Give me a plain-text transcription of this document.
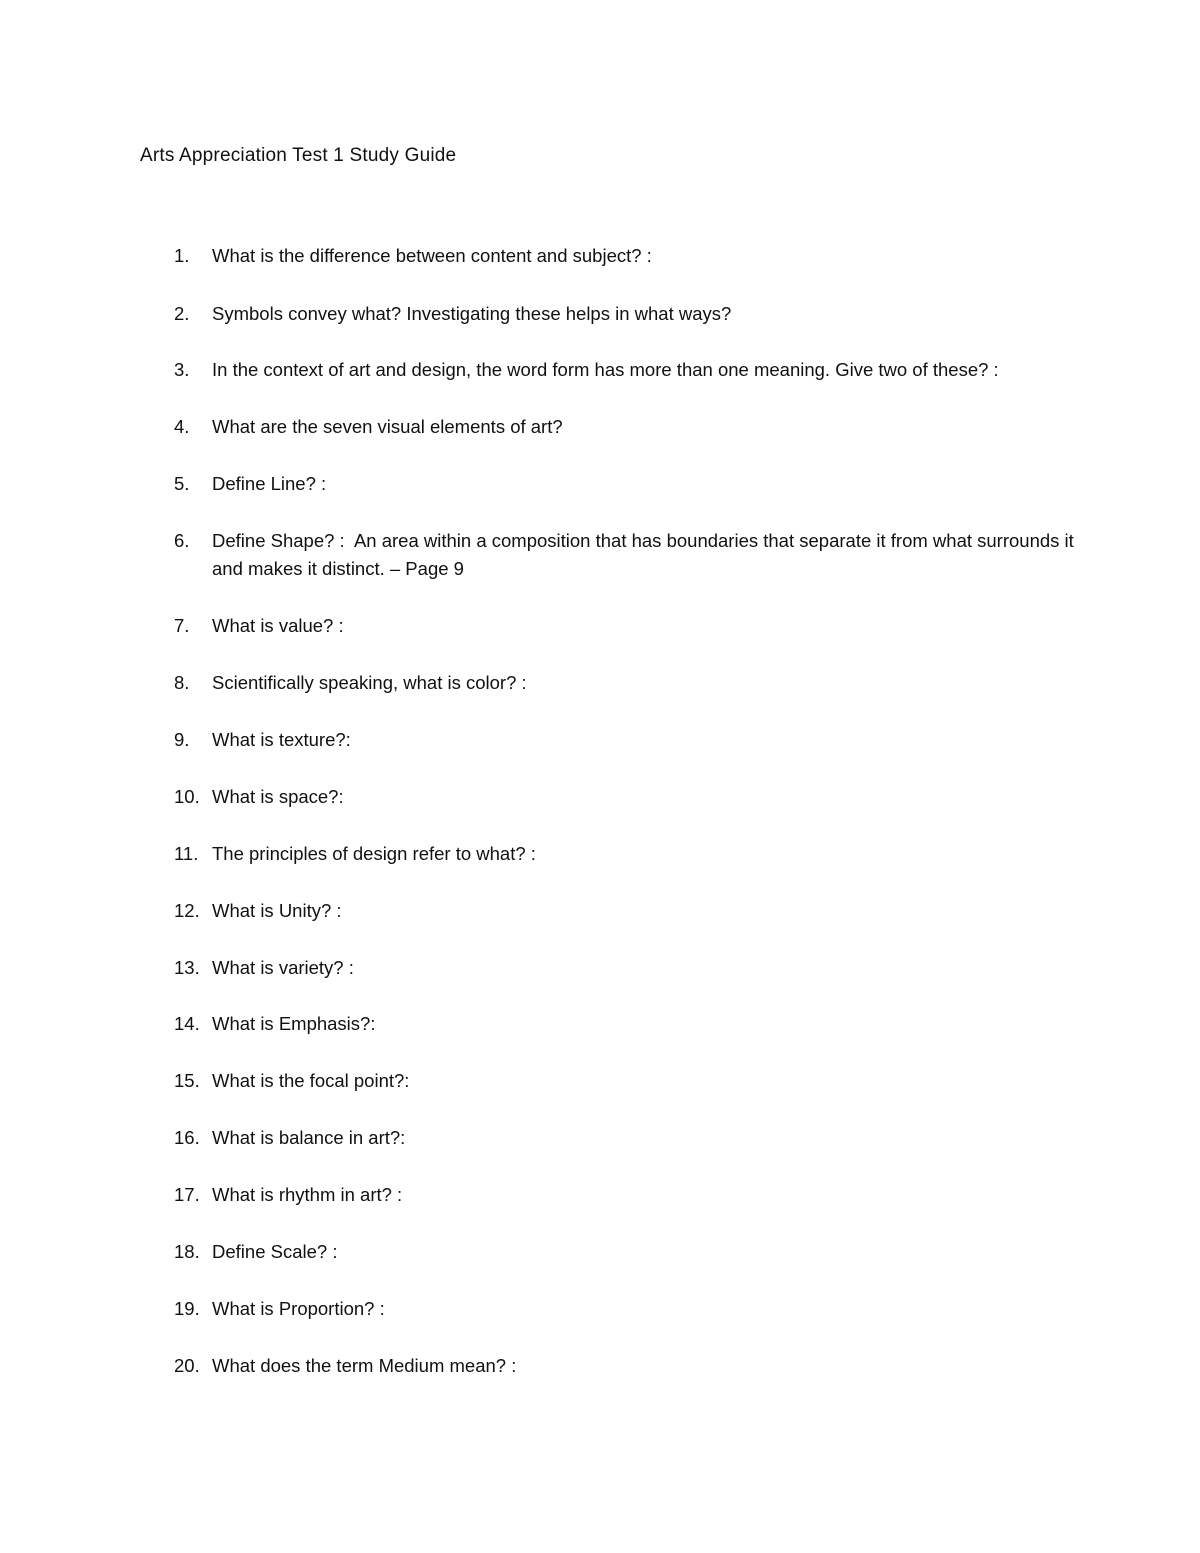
Arts Appreciation Test 1 Study Guide
1.	What is the difference between content and subject? :
2.	Symbols convey what? Investigating these helps in what ways?
3.	In the context of art and design, the word form has more than one meaning. Give two of these? :
4.	What are the seven visual elements of art?
5.	Define Line? :
6.	Define Shape? : An area within a composition that has boundaries that separate it from what surrounds it and makes it distinct. – Page 9
7.	What is value? :
8.	Scientifically speaking, what is color? :
9.	What is texture?:
10. What is space?:
11. The principles of design refer to what? :
12. What is Unity? :
13. What is variety? :
14. What is Emphasis?:
15. What is the focal point?:
16. What is balance in art?:
17. What is rhythm in art? :
18. Define Scale? :
19. What is Proportion? :
20. What does the term Medium mean? :
